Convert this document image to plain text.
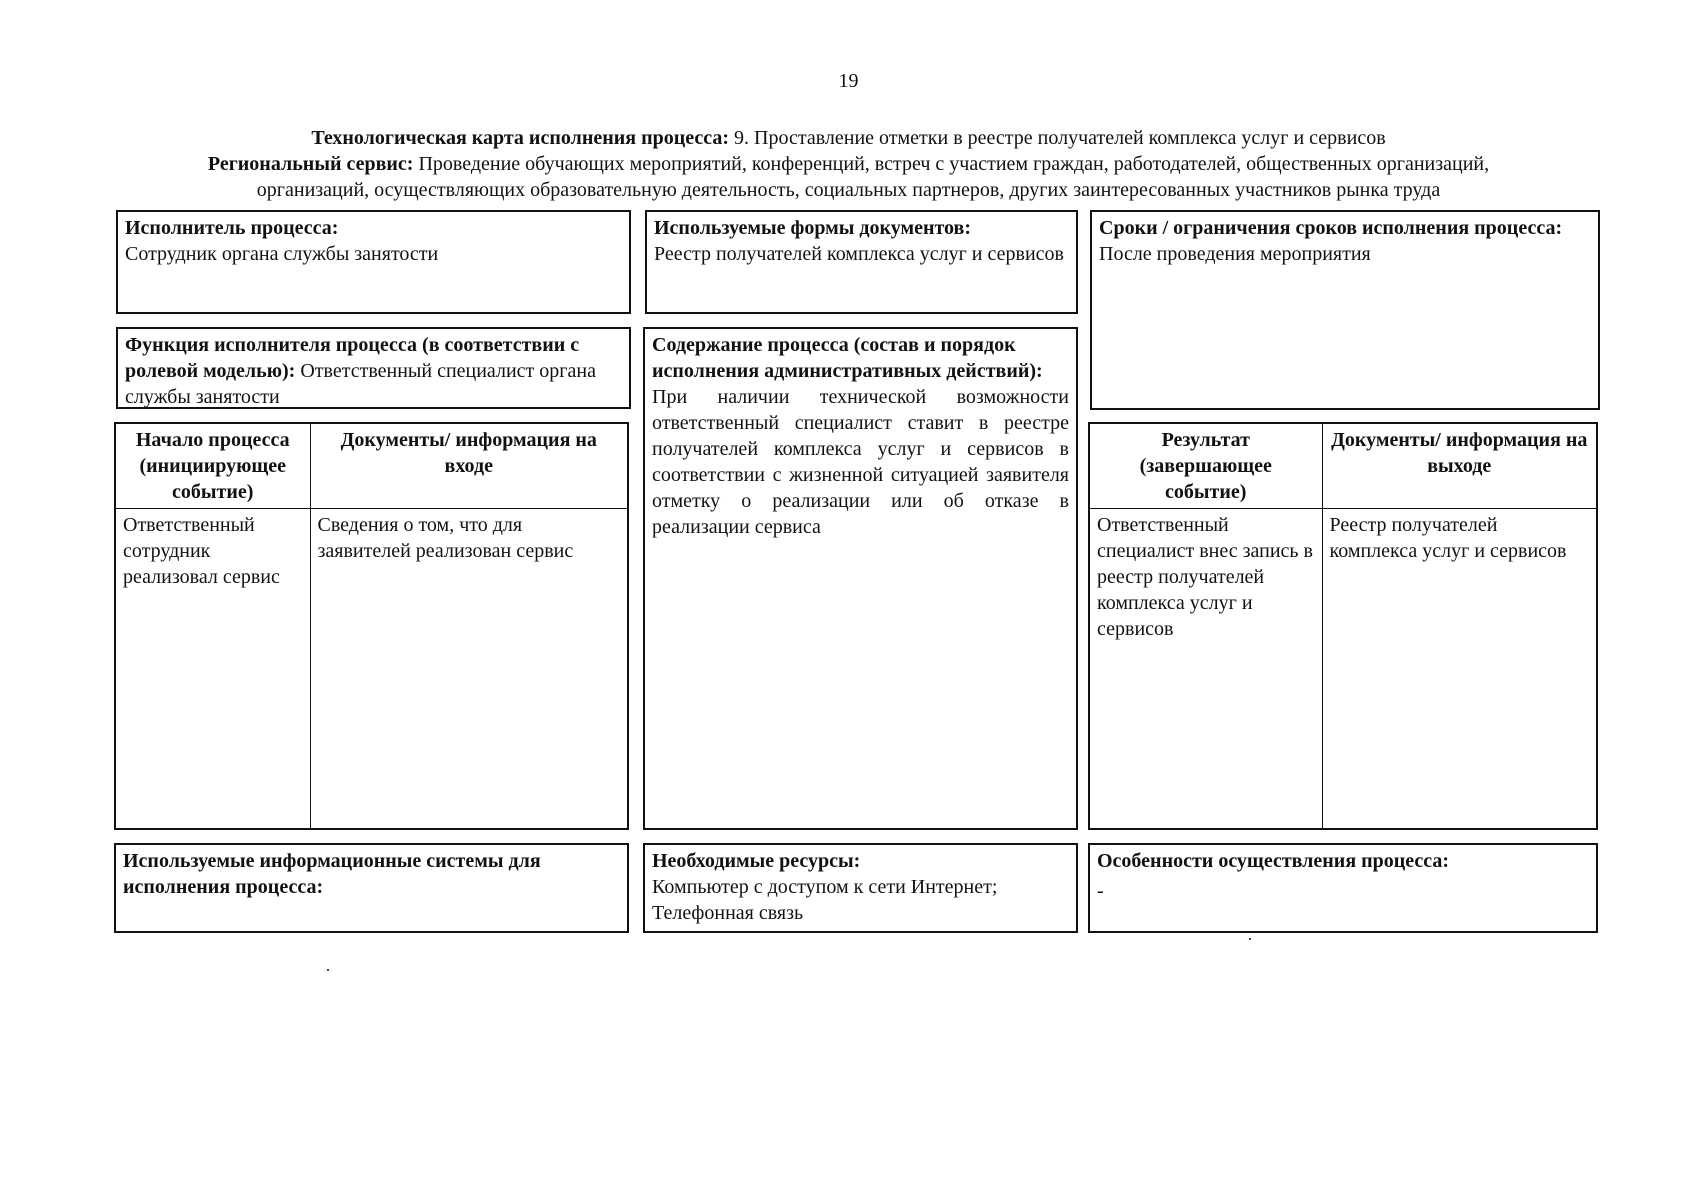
19
Технологическая карта исполнения процесса: 9. Проставление отметки в реестре получателей комплекса услуг и сервисов
Региональный сервис: Проведение обучающих мероприятий, конференций, встреч с участием граждан, работодателей, общественных организаций,
организаций, осуществляющих образовательную деятельность, социальных партнеров, других заинтересованных участников рынка труда
Исполнитель процесса:
Сотрудник органа службы занятости
Используемые формы документов:
Реестр получателей комплекса услуг и сервисов
Сроки / ограничения сроков исполнения процесса:
После проведения мероприятия
Функция исполнителя процесса (в соответствии с ролевой моделью): Ответственный специалист органа службы занятости
Содержание процесса (состав и порядок исполнения административных действий):
При наличии технической возможности ответственный специалист ставит в реестре получателей комплекса услуг и сервисов в соответствии с жизненной ситуацией заявителя отметку о реализации или об отказе в реализации сервиса
Начало процесса (инициирующее событие)	Документы/ информация на входе
Ответственный сотрудник реализовал сервис	Сведения о том, что для заявителей реализован сервис
Результат (завершающее событие)	Документы/ информация на выходе
Ответственный специалист внес запись в реестр получателей комплекса услуг и сервисов	Реестр получателей комплекса услуг и сервисов
Используемые информационные системы для исполнения процесса:
Необходимые ресурсы:
Компьютер с доступом к сети Интернет;
Телефонная связь
Особенности осуществления процесса:
-
